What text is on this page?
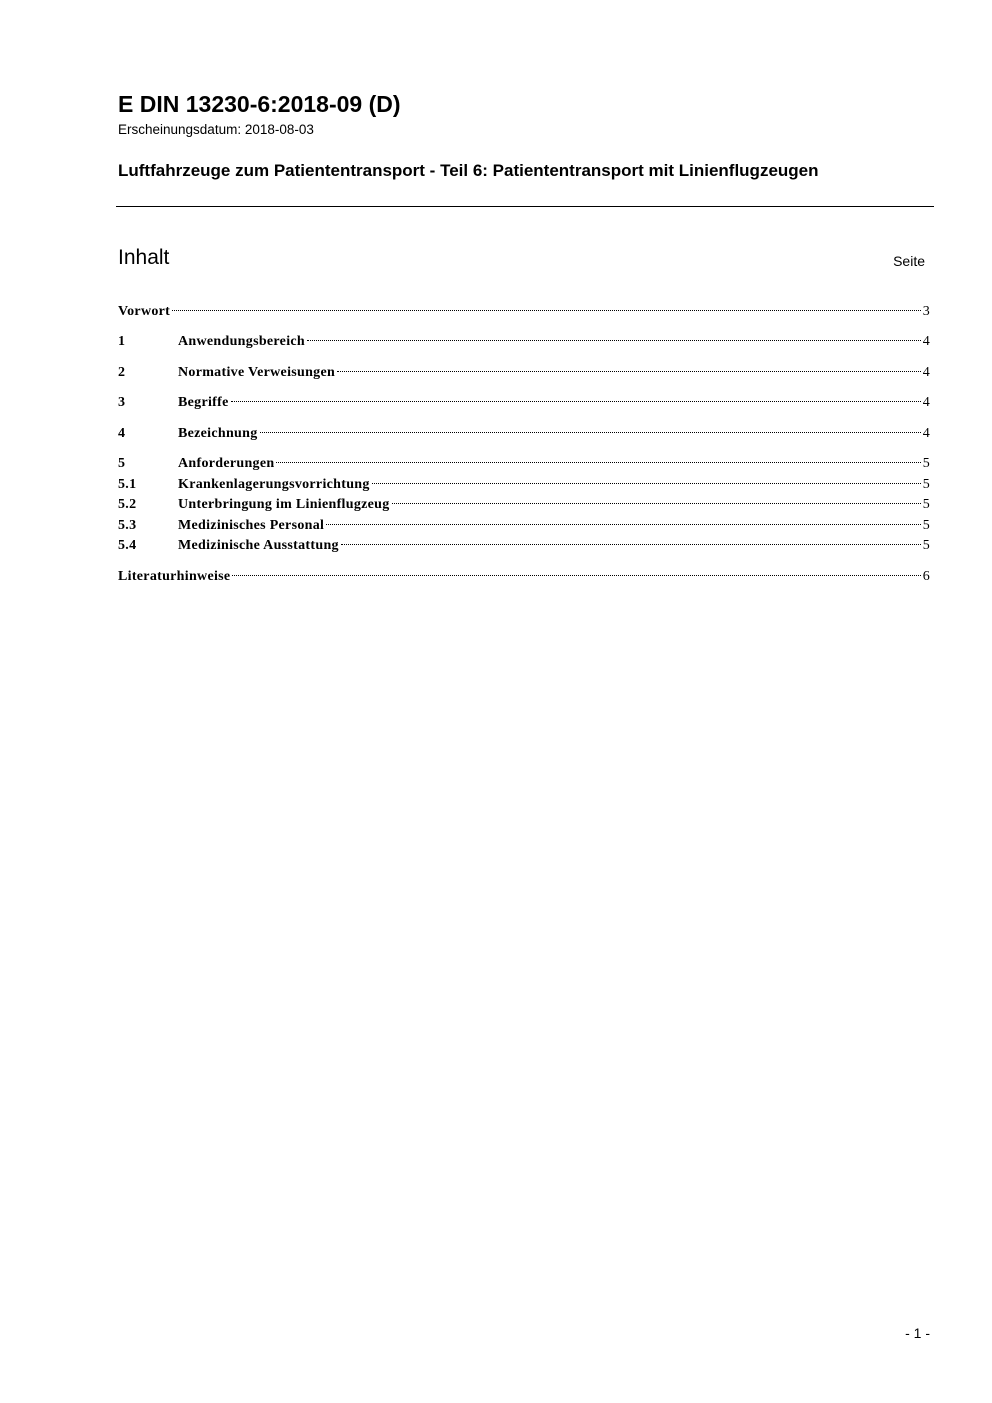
E DIN 13230-6:2018-09 (D)
Erscheinungsdatum: 2018-08-03
Luftfahrzeuge zum Patiententransport - Teil 6: Patiententransport mit Linienflugzeugen
Inhalt	Seite
Vorwort	3
1	Anwendungsbereich	4
2	Normative Verweisungen	4
3	Begriffe	4
4	Bezeichnung	4
5	Anforderungen	5
5.1	Krankenlagerungsvorrichtung	5
5.2	Unterbringung im Linienflugzeug	5
5.3	Medizinisches Personal	5
5.4	Medizinische Ausstattung	5
Literaturhinweise	6
- 1 -
